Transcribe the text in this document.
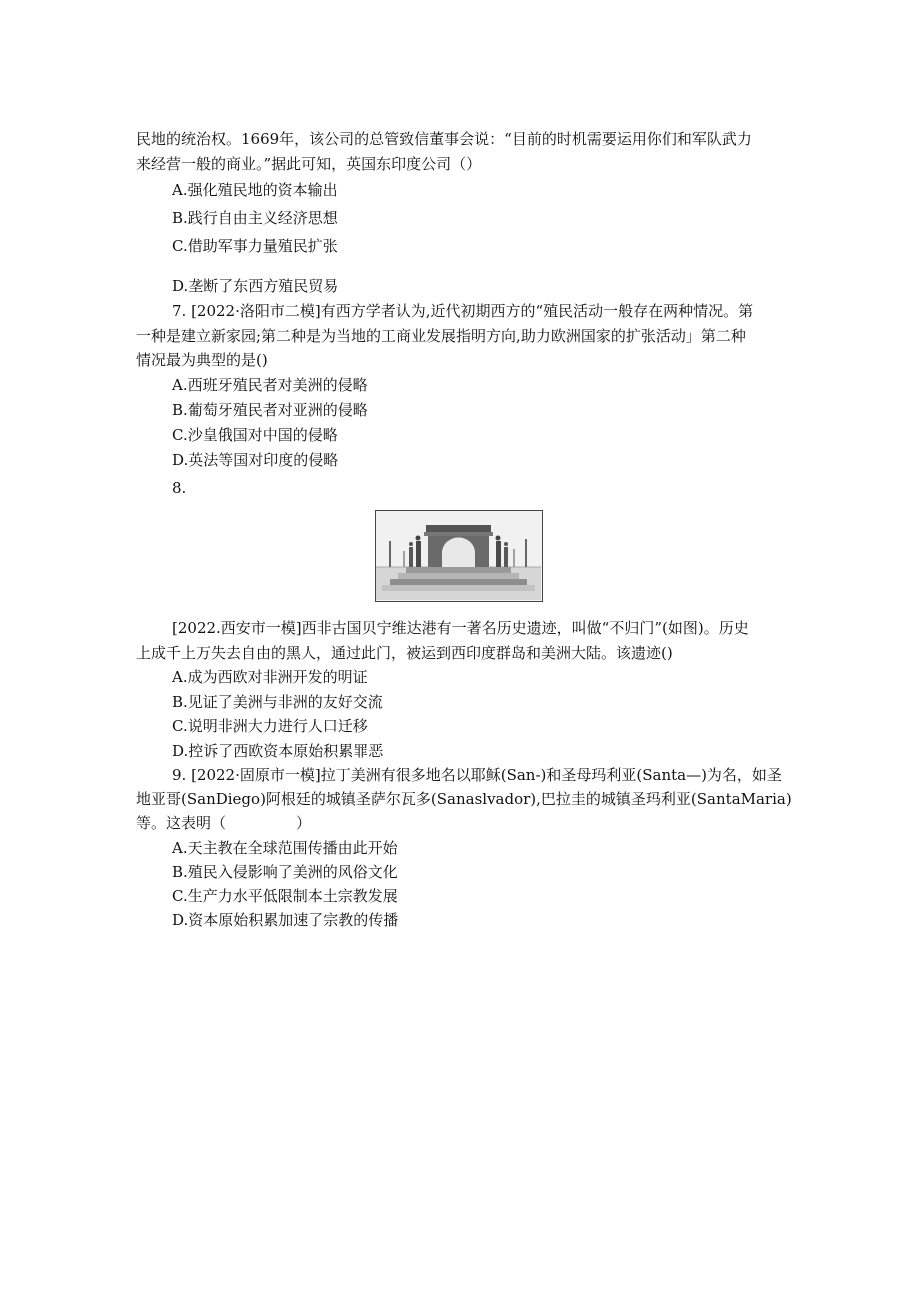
民地的统治权。1669年，该公司的总管致信董事会说：“目前的时机需要运用你们和军队武力
来经营一般的商业。”据此可知，英国东印度公司（）
A.强化殖民地的资本输出
B.践行自由主义经济思想
C.借助军事力量殖民扩张
D.垄断了东西方殖民贸易
7. [2022·洛阳市二模]有西方学者认为,近代初期西方的“殖民活动一般存在两种情况。第
一种是建立新家园;第二种是为当地的工商业发展指明方向,助力欧洲国家的扩张活动」第二种
情况最为典型的是()
A.西班牙殖民者对美洲的侵略
B.葡萄牙殖民者对亚洲的侵略
C.沙皇俄国对中国的侵略
D.英法等国对印度的侵略
8.
[2022.西安市一模]西非古国贝宁维达港有一著名历史遗迹，叫做“不归门”(如图)。历史
上成千上万失去自由的黑人，通过此门，被运到西印度群岛和美洲大陆。该遗迹()
A.成为西欧对非洲开发的明证
B.见证了美洲与非洲的友好交流
C.说明非洲大力进行人口迁移
D.控诉了西欧资本原始积累罪恶
9. [2022·固原市一模]拉丁美洲有很多地名以耶稣(San-)和圣母玛利亚(Santa—)为名，如圣
地亚哥(SanDiego)阿根廷的城镇圣萨尔瓦多(Sanaslvador),巴拉圭的城镇圣玛利亚(SantaMaria)
等。这表明（	）
A.天主教在全球范围传播由此开始
B.殖民入侵影响了美洲的风俗文化
C.生产力水平低限制本土宗教发展
D.资本原始积累加速了宗教的传播
